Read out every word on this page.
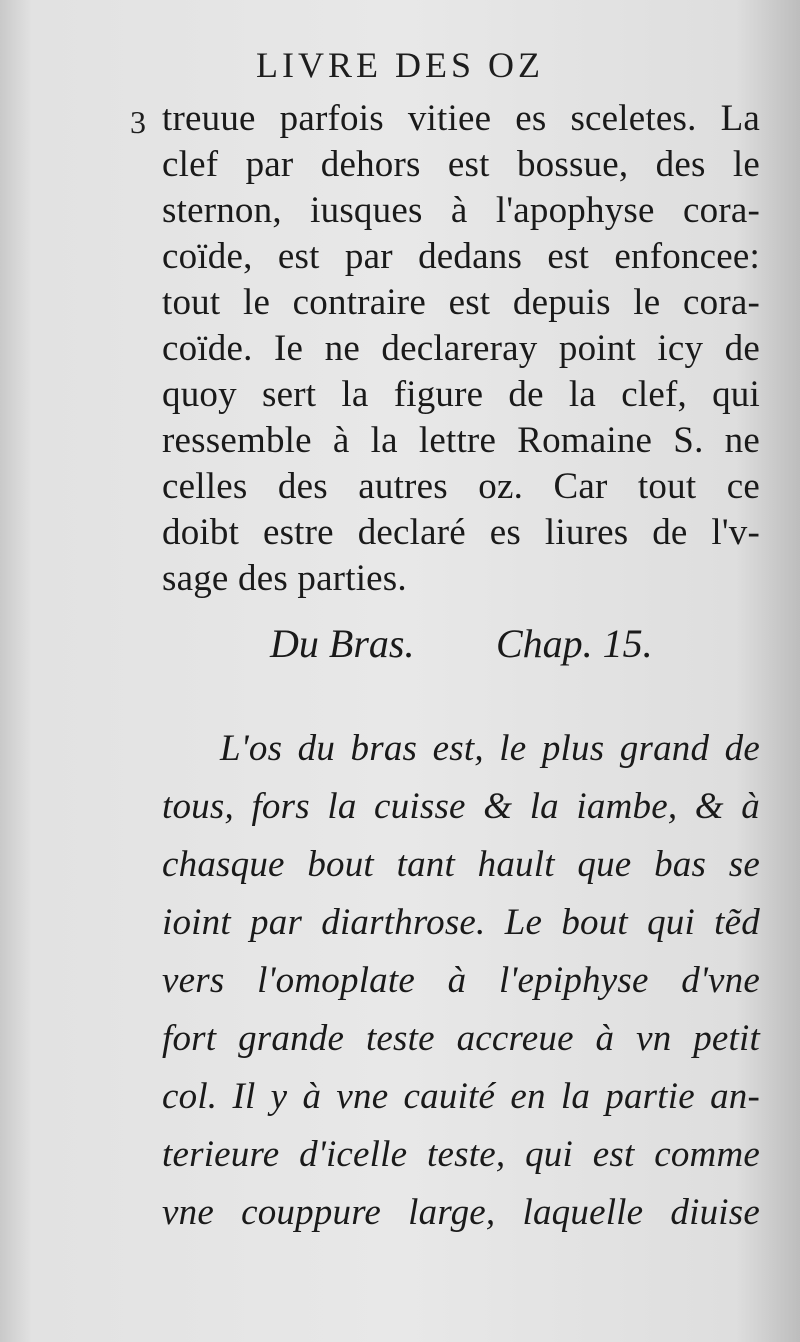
LIVRE DES OZ
3 treuue parfois vitiee es sceletes. La
clef par dehors est bossue, des le
sternon, iusques à l'apophyse cora-
coïde, est par dedans est enfoncee:
tout le contraire est depuis le cora-
coïde. Ie ne declareray point icy de
quoy sert la figure de la clef, qui
ressemble à la lettre Romaine S. ne
celles des autres oz. Car tout ce
doibt estre declaré es liures de l'v-
sage des parties.
Du Bras. Chap. 15.
L'os du bras est, le plus grand de
tous, fors la cuisse & la iambe, & à
chasque bout tant hault que bas se
ioint par diarthrose. Le bout qui tẽd
vers l'omoplate à l'epiphyse d'vne
fort grande teste accreue à vn petit
col. Il y à vne cauité en la partie an-
terieure d'icelle teste, qui est comme
vne couppure large, laquelle diuise
